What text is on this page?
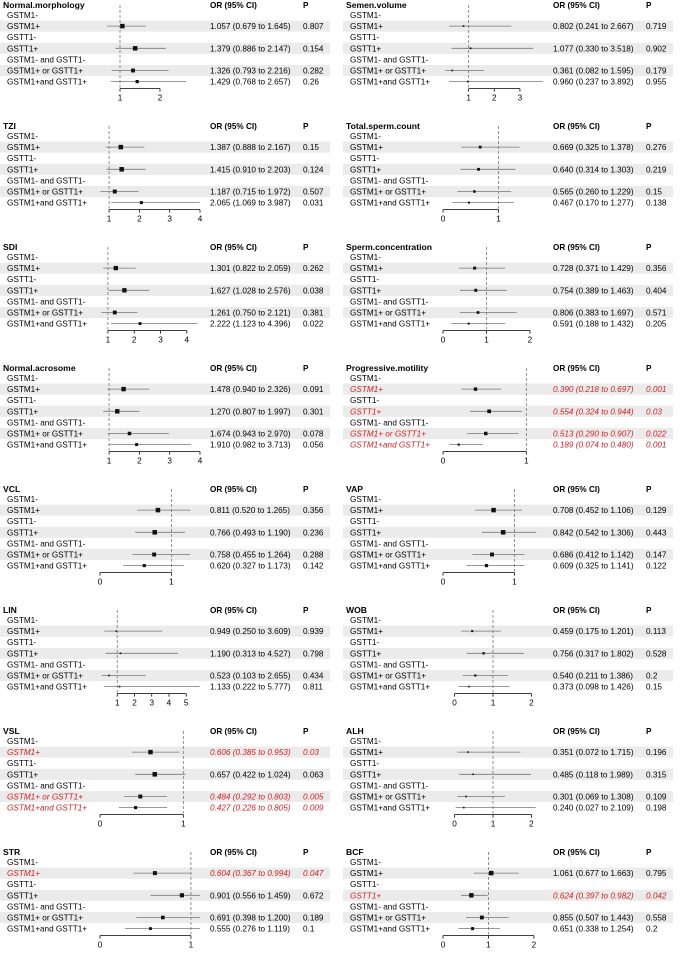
Normal.morphology	OR (95% CI)	P
GSTM1-
GSTM1+	1.057 (0.679 to 1.645) 0.807
GSTT1-
GSTT1+	1.379 (0.886 to 2.147) 0.154
GSTM1- and GSTT1-
GSTM1+ or GSTT1+	1.326 (0.793 to 2.216) 0.282
GSTM1+and GSTT1+	1.429 (0.768 to 2.657) 0.26
1	2
Semen.volume	OR (95% CI)	P
GSTM1-
GSTM1+	0.802 (0.241 to 2.667) 0.719
GSTT1-
GSTT1+	1.077 (0.330 to 3.518) 0.902
GSTM1- and GSTT1-
GSTM1+ or GSTT1+	0.361 (0.082 to 1.595) 0.179
GSTM1+and GSTT1+	0.960 (0.237 to 3.892) 0.955
1	2	3
TZI	OR (95% CI)	P
GSTM1-
GSTM1+	1.387 (0.888 to 2.167) 0.15
GSTT1-
GSTT1+	1.415 (0.910 to 2.203) 0.124
GSTM1- and GSTT1-
GSTM1+ or GSTT1+	1.187 (0.715 to 1.972) 0.507
GSTM1+and GSTT1+	2.065 (1.069 to 3.987) 0.031
1	2	3	4
Total.sperm.count	OR (95% CI)	P
GSTM1-
GSTM1+	0.669 (0.325 to 1.378) 0.276
GSTT1-
GSTT1+	0.640 (0.314 to 1.303) 0.219
GSTM1- and GSTT1-
GSTM1+ or GSTT1+	0.565 (0.260 to 1.229) 0.15
GSTM1+and GSTT1+	0.467 (0.170 to 1.277) 0.138
0	1
SDI	OR (95% CI)	P
GSTM1-
GSTM1+	1.301 (0.822 to 2.059) 0.262
GSTT1-
GSTT1+	1.627 (1.028 to 2.576) 0.038
GSTM1- and GSTT1-
GSTM1+ or GSTT1+	1.261 (0.750 to 2.121) 0.381
GSTM1+and GSTT1+	2.222 (1.123 to 4.396) 0.022
1	2	3	4
Sperm.concentration	OR (95% CI)	P
GSTM1-
GSTM1+	0.728 (0.371 to 1.429) 0.356
GSTT1-
GSTT1+	0.754 (0.389 to 1.463) 0.404
GSTM1- and GSTT1-
GSTM1+ or GSTT1+	0.806 (0.383 to 1.697) 0.571
GSTM1+and GSTT1+	0.591 (0.188 to 1.432) 0.205
0	1	2
Normal.acrosome	OR (95% CI)	P
GSTM1-
GSTM1+	1.478 (0.940 to 2.326) 0.091
GSTT1-
GSTT1+	1.270 (0.807 to 1.997) 0.301
GSTM1- and GSTT1-
GSTM1+ or GSTT1+	1.674 (0.943 to 2.970) 0.078
GSTM1+and GSTT1+	1.910 (0.982 to 3.713) 0.056
1	2	3	4
Progressive.motility	OR (95% CI)	P
GSTM1-
GSTM1+	0.390 (0.218 to 0.697) 0.001
GSTT1-
GSTT1+	0.554 (0.324 to 0.944) 0.03
GSTM1- and GSTT1-
GSTM1+ or GSTT1+	0.513 (0.290 to 0.907) 0.022
GSTM1+and GSTT1+	0.189 (0.074 to 0.480) 0.001
0	1
VCL	OR (95% CI)	P
GSTM1-
GSTM1+	0.811 (0.520 to 1.265) 0.356
GSTT1-
GSTT1+	0.766 (0.493 to 1.190) 0.236
GSTM1- and GSTT1-
GSTM1+ or GSTT1+	0.758 (0.455 to 1.264) 0.288
GSTM1+and GSTT1+	0.620 (0.327 to 1.173) 0.142
0	1
VAP	OR (95% CI)	P
GSTM1-
GSTM1+	0.708 (0.452 to 1.106) 0.129
GSTT1-
GSTT1+	0.842 (0.542 to 1.306) 0.443
GSTM1- and GSTT1-
GSTM1+ or GSTT1+	0.686 (0.412 to 1.142) 0.147
GSTM1+and GSTT1+	0.609 (0.325 to 1.141) 0.122
0	1
LIN	OR (95% CI)	P
GSTM1-
GSTM1+	0.949 (0.250 to 3.609) 0.939
GSTT1-
GSTT1+	1.190 (0.313 to 4.527) 0.798
GSTM1- and GSTT1-
GSTM1+ or GSTT1+	0.523 (0.103 to 2.655) 0.434
GSTM1+and GSTT1+	1.133 (0.222 to 5.777) 0.811
1 2 3 4 5
WOB	OR (95% CI)	P
GSTM1-
GSTM1+	0.459 (0.175 to 1.201) 0.113
GSTT1-
GSTT1+	0.756 (0.317 to 1.802) 0.528
GSTM1- and GSTT1-
GSTM1+ or GSTT1+	0.540 (0.211 to 1.386) 0.2
GSTM1+and GSTT1+	0.373 (0.098 to 1.426) 0.15
0	1	2
VSL	OR (95% CI)	P
GSTM1-
GSTM1+	0.606 (0.385 to 0.953) 0.03
GSTT1-
GSTT1+	0.657 (0.422 to 1.024) 0.063
GSTM1- and GSTT1-
GSTM1+ or GSTT1+	0.484 (0.292 to 0.803) 0.005
GSTM1+and GSTT1+	0.427 (0.226 to 0.805) 0.009
0	1
ALH	OR (95% CI)	P
GSTM1-
GSTM1+	0.351 (0.072 to 1.715) 0.196
GSTT1-
GSTT1+	0.485 (0.118 to 1.989) 0.315
GSTM1- and GSTT1-
GSTM1+ or GSTT1+	0.301 (0.069 to 1.308) 0.109
GSTM1+and GSTT1+	0.240 (0.027 to 2.109) 0.198
0	1	2
STR	OR (95% CI)	P
GSTM1-
GSTM1+	0.604 (0.367 to 0.994) 0.047
GSTT1-
GSTT1+	0.901 (0.556 to 1.459) 0.672
GSTM1- and GSTT1-
GSTM1+ or GSTT1+	0.691 (0.398 to 1.200) 0.189
GSTM1+and GSTT1+	0.555 (0.276 to 1.119) 0.1
0	1
BCF	OR (95% CI)	P
GSTM1-
GSTM1+	1.061 (0.677 to 1.663) 0.795
GSTT1-
GSTT1+	0.624 (0.397 to 0.982) 0.042
GSTM1- and GSTT1-
GSTM1+ or GSTT1+	0.855 (0.507 to 1.443) 0.558
GSTM1+and GSTT1+	0.651 (0.338 to 1.254) 0.2
0	1	2
